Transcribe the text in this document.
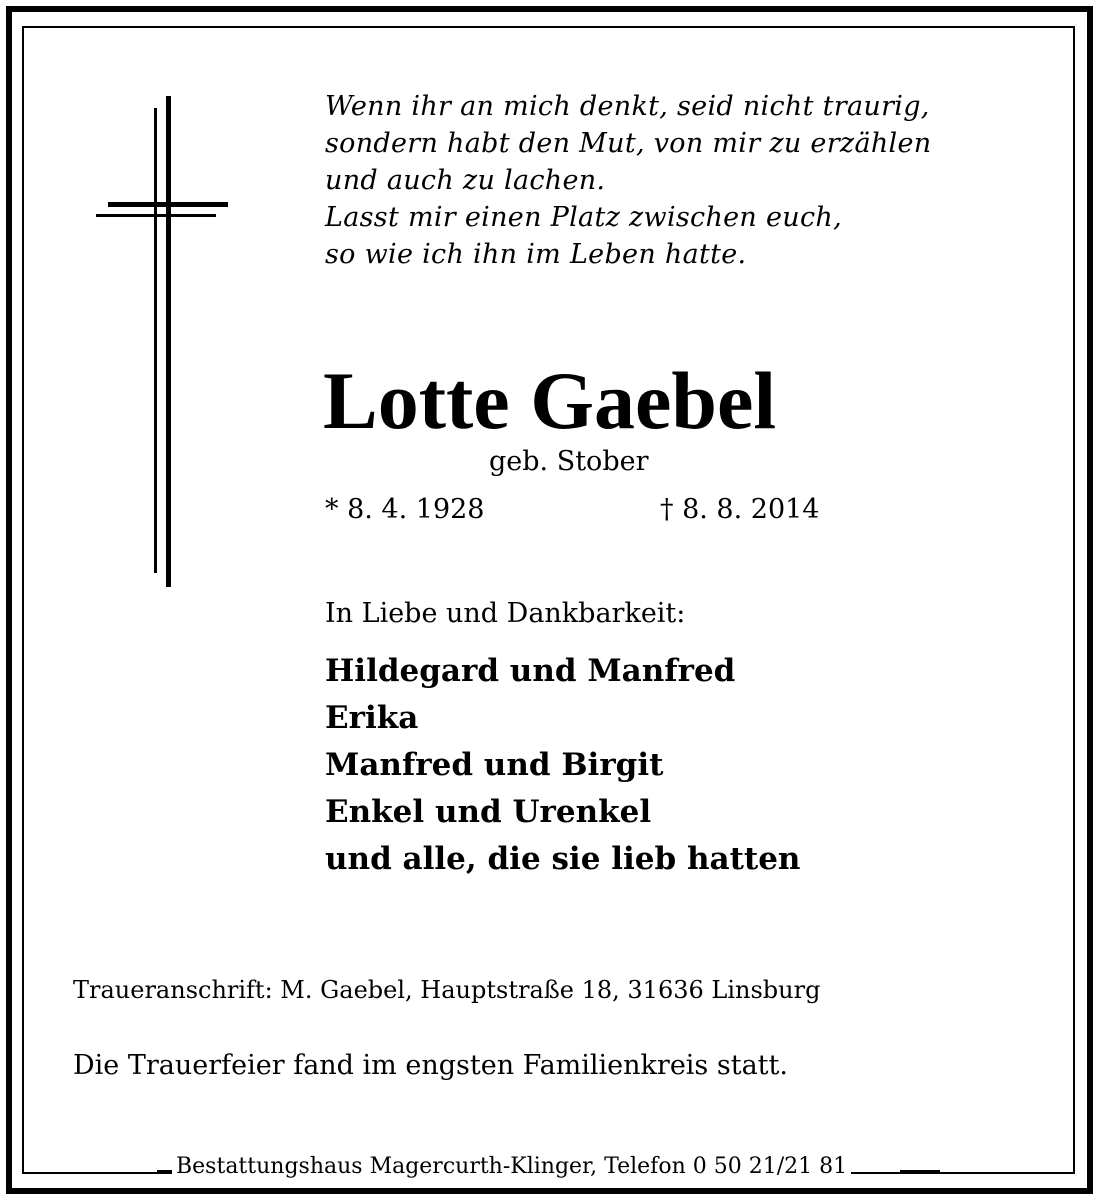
Wenn ihr an mich denkt, seid nicht traurig,
sondern habt den Mut, von mir zu erzählen
und auch zu lachen.
Lasst mir einen Platz zwischen euch,
so wie ich ihn im Leben hatte.
Lotte Gaebel
geb. Stober
* 8. 4. 1928	† 8. 8. 2014
In Liebe und Dankbarkeit:
Hildegard und Manfred
Erika
Manfred und Birgit
Enkel und Urenkel
und alle, die sie lieb hatten
Traueranschrift: M. Gaebel, Hauptstraße 18, 31636 Linsburg
Die Trauerfeier fand im engsten Familienkreis statt.
Bestattungshaus Magercurth-Klinger, Telefon 0 50 21/21 81
